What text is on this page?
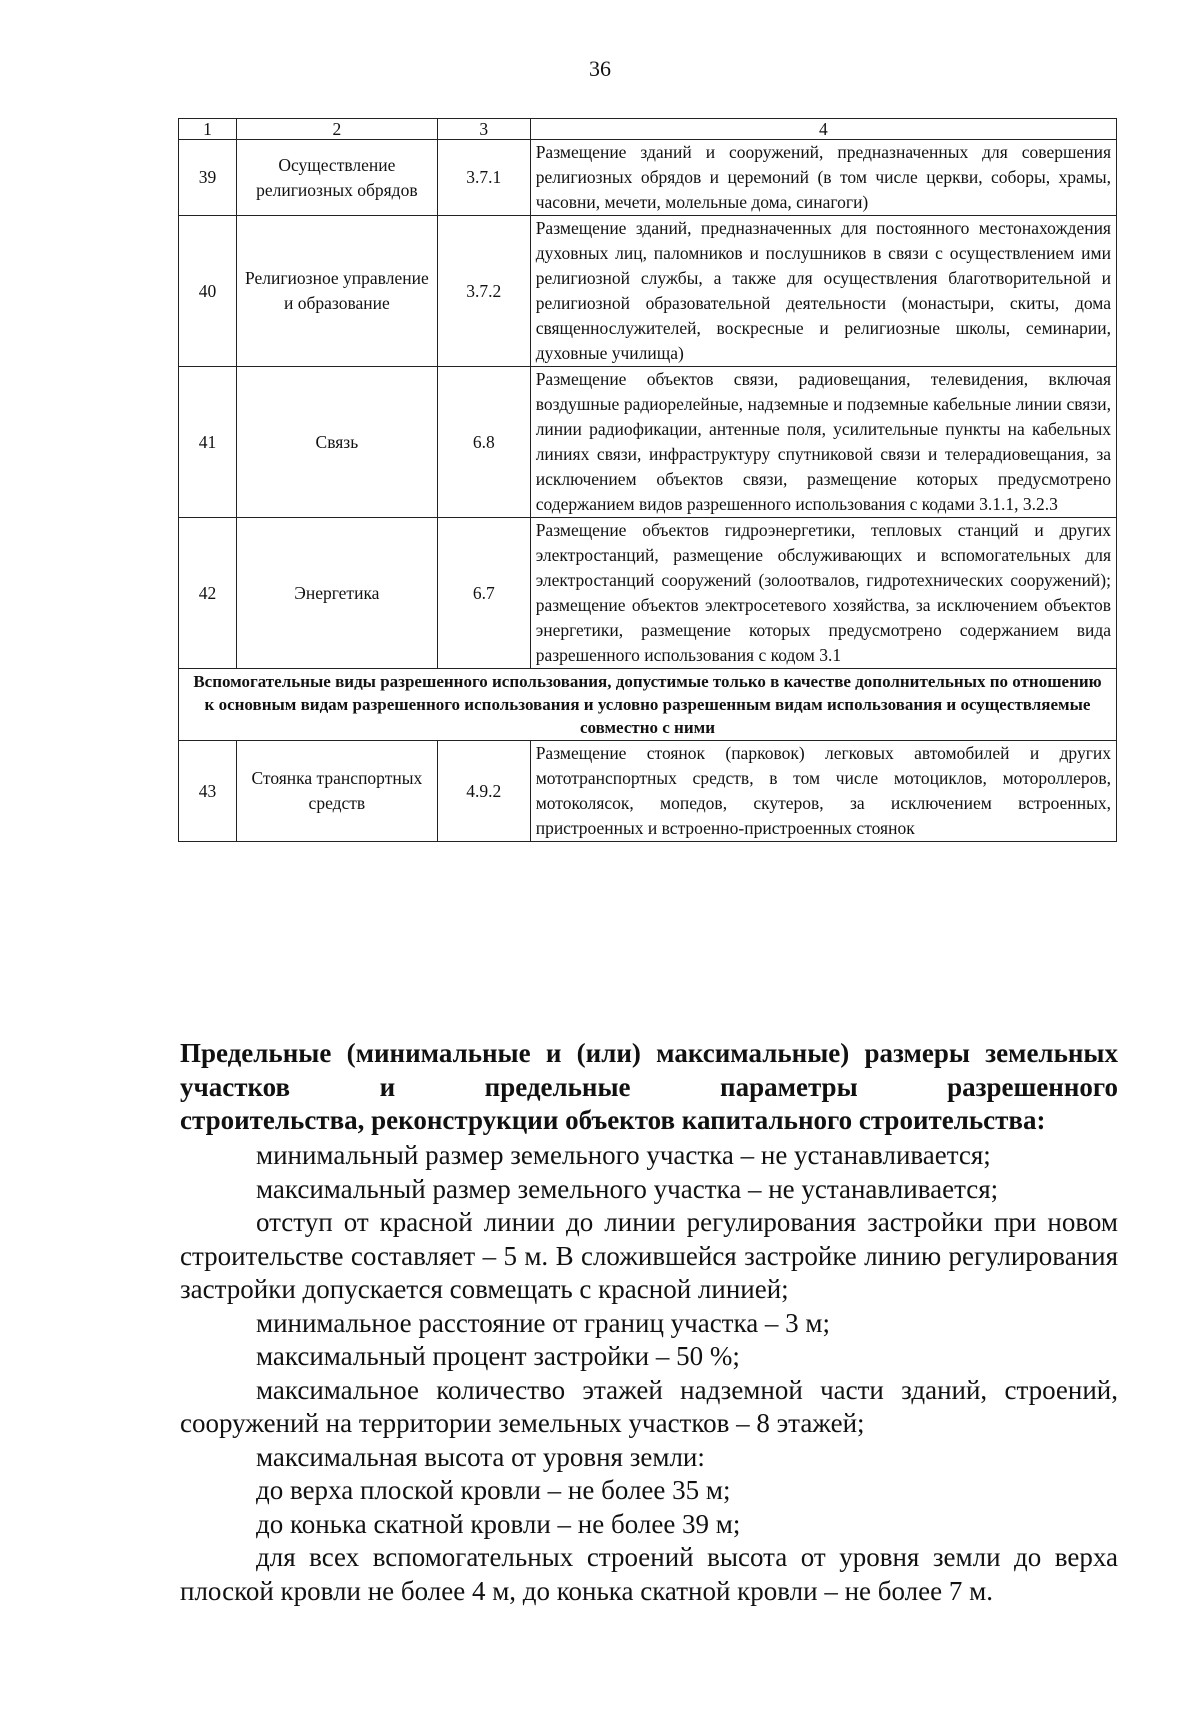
36
1	2	3	4
39	Осуществление религиозных обрядов	3.7.1	Размещение зданий и сооружений, предназначенных для совершения религиозных обрядов и церемоний (в том числе церкви, соборы, храмы, часовни, мечети, молельные дома, синагоги)
40	Религиозное управление и образование	3.7.2	Размещение зданий, предназначенных для постоянного местонахождения духовных лиц, паломников и послушников в связи с осуществлением ими религиозной службы, а также для осуществления благотворительной и религиозной образовательной деятельности (монастыри, скиты, дома священнослужителей, воскресные и религиозные школы, семинарии, духовные училища)
41	Связь	6.8	Размещение объектов связи, радиовещания, телевидения, включая воздушные радиорелейные, надземные и подземные кабельные линии связи, линии радиофикации, антенные поля, усилительные пункты на кабельных линиях связи, инфраструктуру спутниковой связи и телерадиовещания, за исключением объектов связи, размещение которых предусмотрено содержанием видов разрешенного использования с кодами 3.1.1, 3.2.3
42	Энергетика	6.7	Размещение объектов гидроэнергетики, тепловых станций и других электростанций, размещение обслуживающих и вспомогательных для электростанций сооружений (золоотвалов, гидротехнических сооружений); размещение объектов электросетевого хозяйства, за исключением объектов энергетики, размещение которых предусмотрено содержанием вида разрешенного использования с кодом 3.1
Вспомогательные виды разрешенного использования, допустимые только в качестве дополнительных по отношению к основным видам разрешенного использования и условно разрешенным видам использования и осуществляемые совместно с ними			
43	Стоянка транспортных средств	4.9.2	Размещение стоянок (парковок) легковых автомобилей и других мототранспортных средств, в том числе мотоциклов, мотороллеров, мотоколясок, мопедов, скутеров, за исключением встроенных, пристроенных и встроенно-пристроенных стоянок
Предельные (минимальные и (или) максимальные) размеры земельных участков и предельные параметры разрешенного
строительства, реконструкции объектов капитального строительства:

минимальный размер земельного участка – не устанавливается;

максимальный размер земельного участка – не устанавливается;

отступ от красной линии до линии регулирования застройки при новом строительстве составляет – 5 м. В сложившейся застройке линию регулирования застройки допускается совмещать с красной линией;

минимальное расстояние от границ участка – 3 м;

максимальный процент застройки – 50 %;

максимальное количество этажей надземной части зданий, строений, сооружений на территории земельных участков – 8 этажей;

максимальная высота от уровня земли:

до верха плоской кровли – не более 35 м;

до конька скатной кровли – не более 39 м;

для всех вспомогательных строений высота от уровня земли до верха плоской кровли не более 4 м, до конька скатной кровли – не более 7 м.
